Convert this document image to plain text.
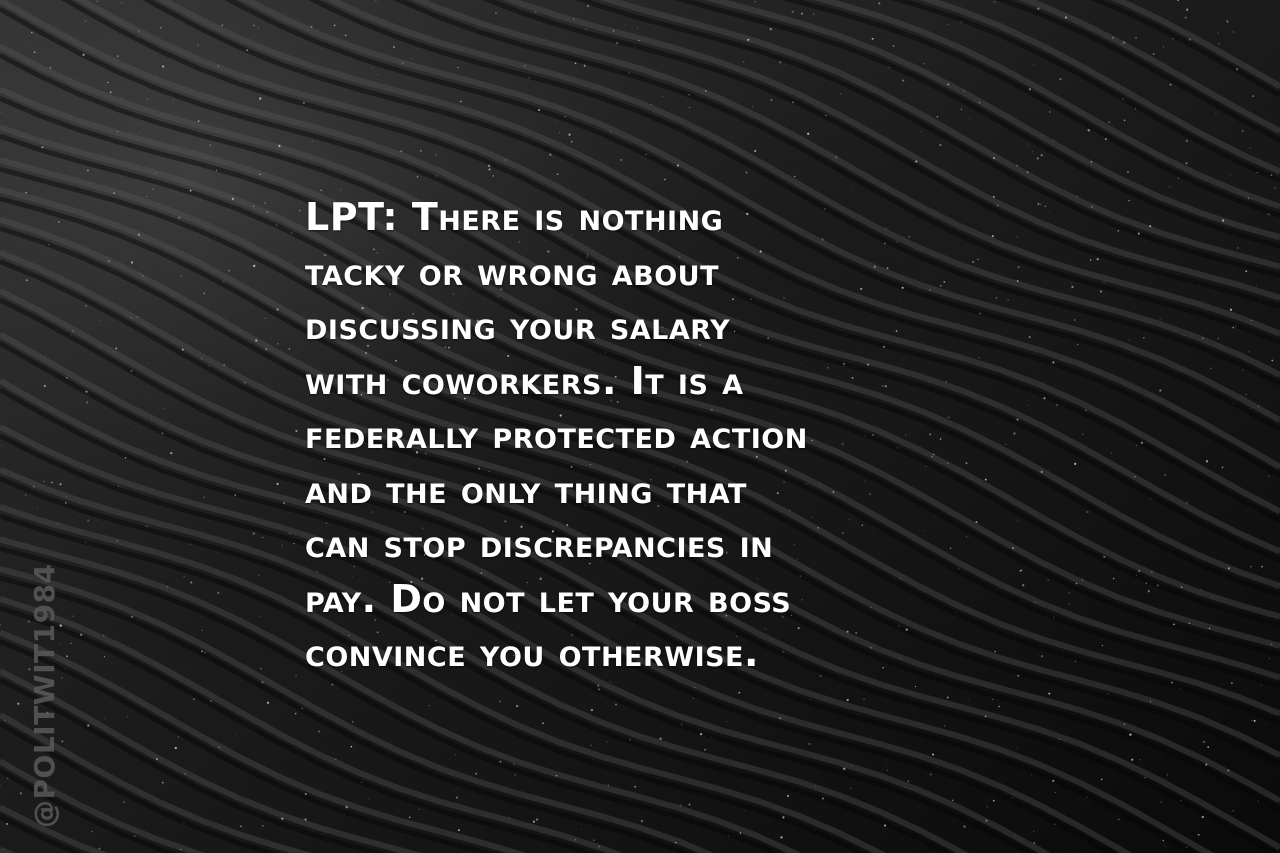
LPT: There is nothing
tacky or wrong about
discussing your salary
with coworkers. It is a
federally protected action
and the only thing that
can stop discrepancies in
pay. Do not let your boss
convince you otherwise.
@POLITWIT1984
